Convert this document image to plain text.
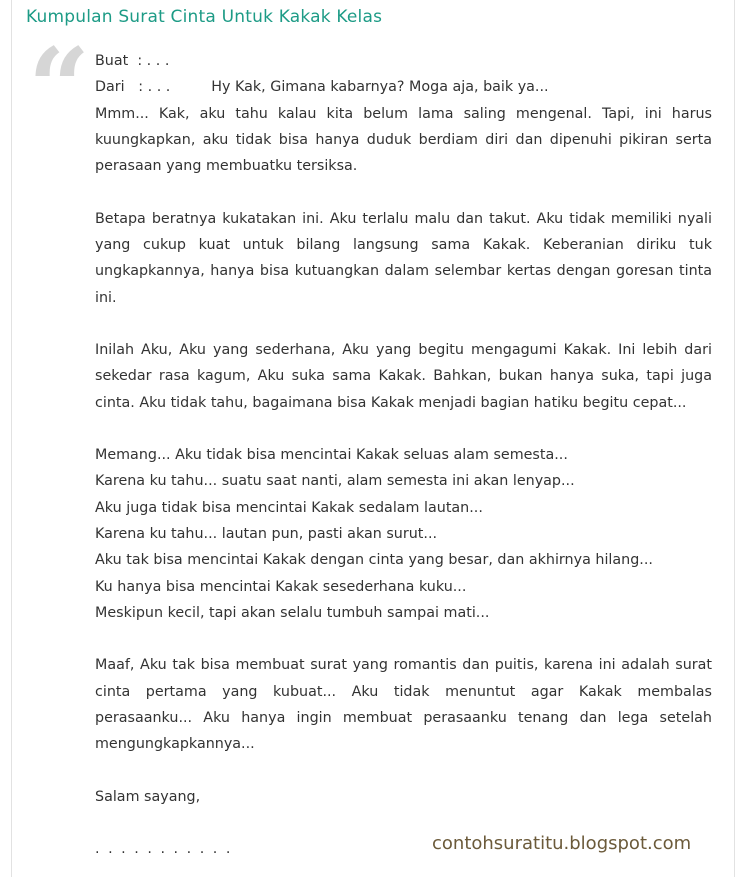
Kumpulan Surat Cinta Untuk Kakak Kelas
“ Buat  : . . .
Dari   : . . .	Hy Kak, Gimana kabarnya? Moga aja, baik ya...

Mmm... Kak, aku tahu kalau kita belum lama saling mengenal. Tapi, ini harus kuungkapkan, aku tidak bisa hanya duduk berdiam diri dan dipenuhi pikiran serta perasaan yang membuatku tersiksa.

Betapa beratnya kukatakan ini. Aku terlalu malu dan takut. Aku tidak memiliki nyali yang cukup kuat untuk bilang langsung sama Kakak. Keberanian diriku tuk ungkapkannya, hanya bisa kutuangkan dalam selembar kertas dengan goresan tinta ini.

Inilah Aku, Aku yang sederhana, Aku yang begitu mengagumi Kakak. Ini lebih dari sekedar rasa kagum, Aku suka sama Kakak. Bahkan, bukan hanya suka, tapi juga cinta. Aku tidak tahu, bagaimana bisa Kakak menjadi bagian hatiku begitu cepat...

Memang... Aku tidak bisa mencintai Kakak seluas alam semesta...
Karena ku tahu... suatu saat nanti, alam semesta ini akan lenyap...
Aku juga tidak bisa mencintai Kakak sedalam lautan...
Karena ku tahu... lautan pun, pasti akan surut...
Aku tak bisa mencintai Kakak dengan cinta yang besar, dan akhirnya hilang...
Ku hanya bisa mencintai Kakak sesederhana kuku...
Meskipun kecil, tapi akan selalu tumbuh sampai mati...

Maaf, Aku tak bisa membuat surat yang romantis dan puitis, karena ini adalah surat cinta pertama yang kubuat... Aku tidak menuntut agar Kakak membalas perasaanku... Aku hanya ingin membuat perasaanku tenang dan lega setelah mengungkapkannya...

Salam sayang,

. . . . . . . . . . .	contohsuratitu.blogspot.com
